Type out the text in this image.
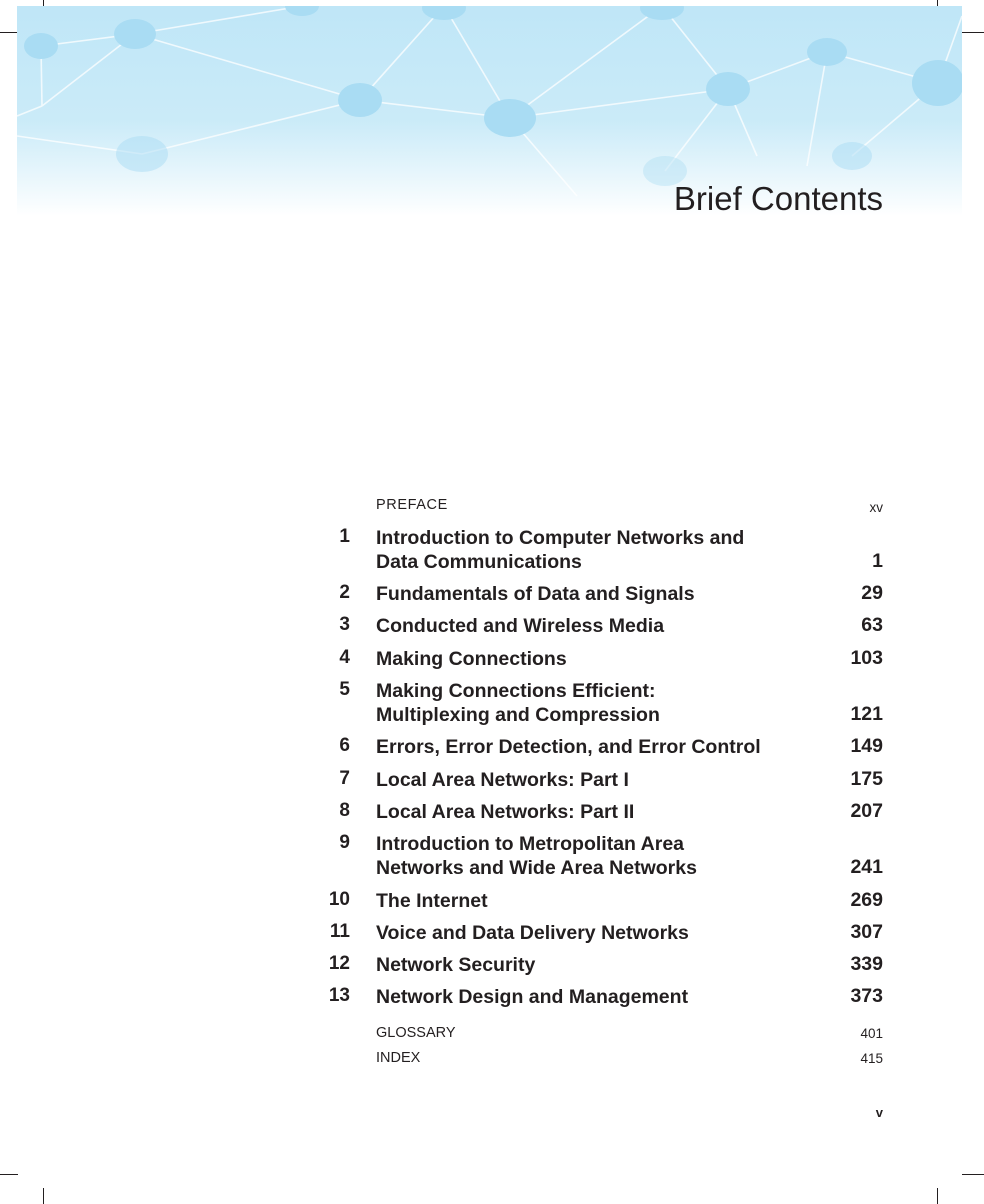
Brief Contents
PREFACE	xv
1 Introduction to Computer Networks and
Data Communications	1
2 Fundamentals of Data and Signals	29
3 Conducted and Wireless Media	63
4 Making Connections	103
5 Making Connections Efficient:
Multiplexing and Compression	121
6 Errors, Error Detection, and Error Control	149
7 Local Area Networks: Part I	175
8 Local Area Networks: Part II	207
9 Introduction to Metropolitan Area
Networks and Wide Area Networks	241
10 The Internet	269
11 Voice and Data Delivery Networks	307
12 Network Security	339
13 Network Design and Management	373
GLOSSARY	401
INDEX	415
v
